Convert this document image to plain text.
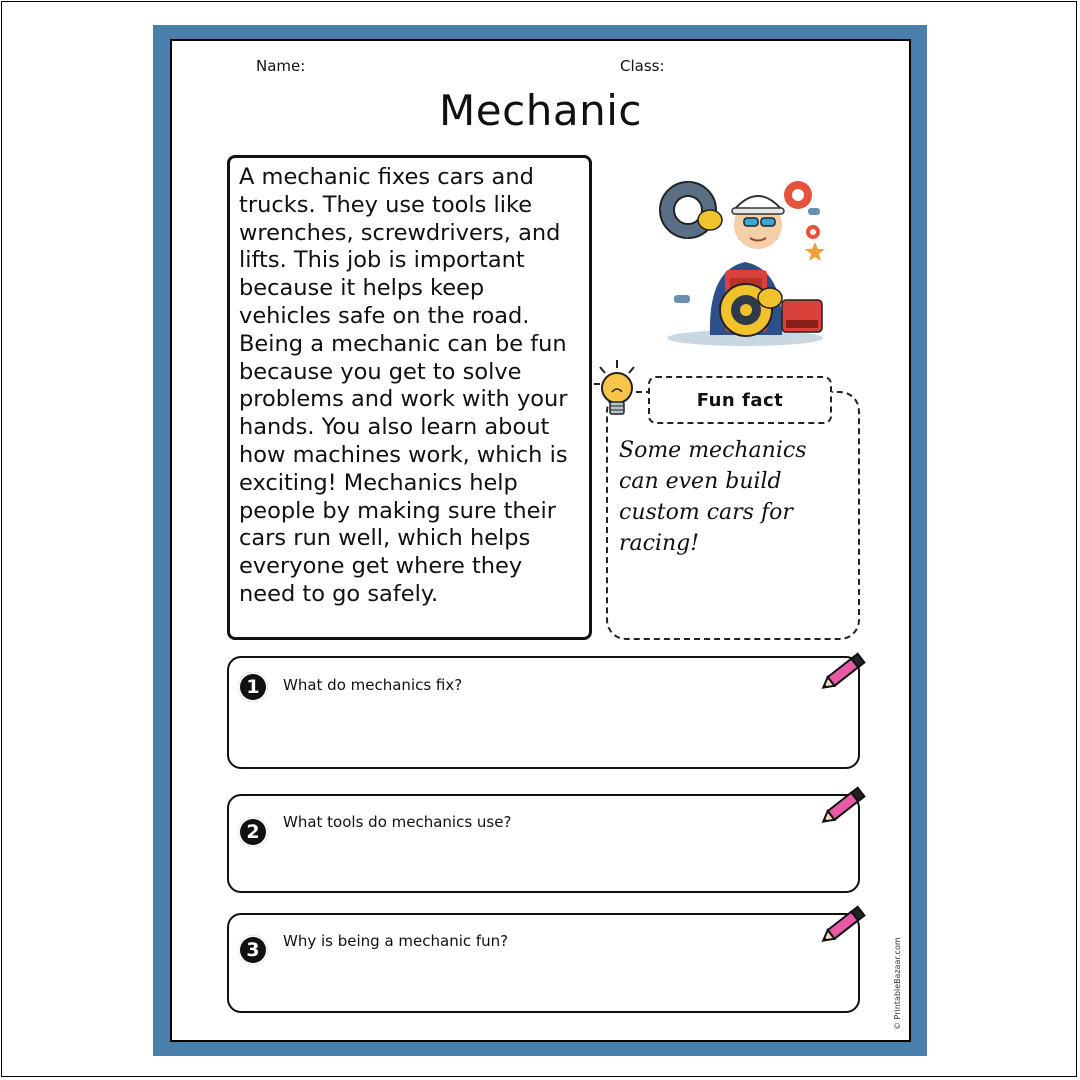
Name:	Class:
Mechanic
A mechanic fixes cars and trucks. They use tools like wrenches, screwdrivers, and lifts. This job is important because it helps keep vehicles safe on the road. Being a mechanic can be fun because you get to solve problems and work with your hands. You also learn about how machines work, which is exciting! Mechanics help people by making sure their cars run well, which helps everyone get where they need to go safely.
Fun fact
Some mechanics can even build custom cars for racing!
1	What do mechanics fix?
2	What tools do mechanics use?
3	Why is being a mechanic fun?	© PrintableBazaar.com
